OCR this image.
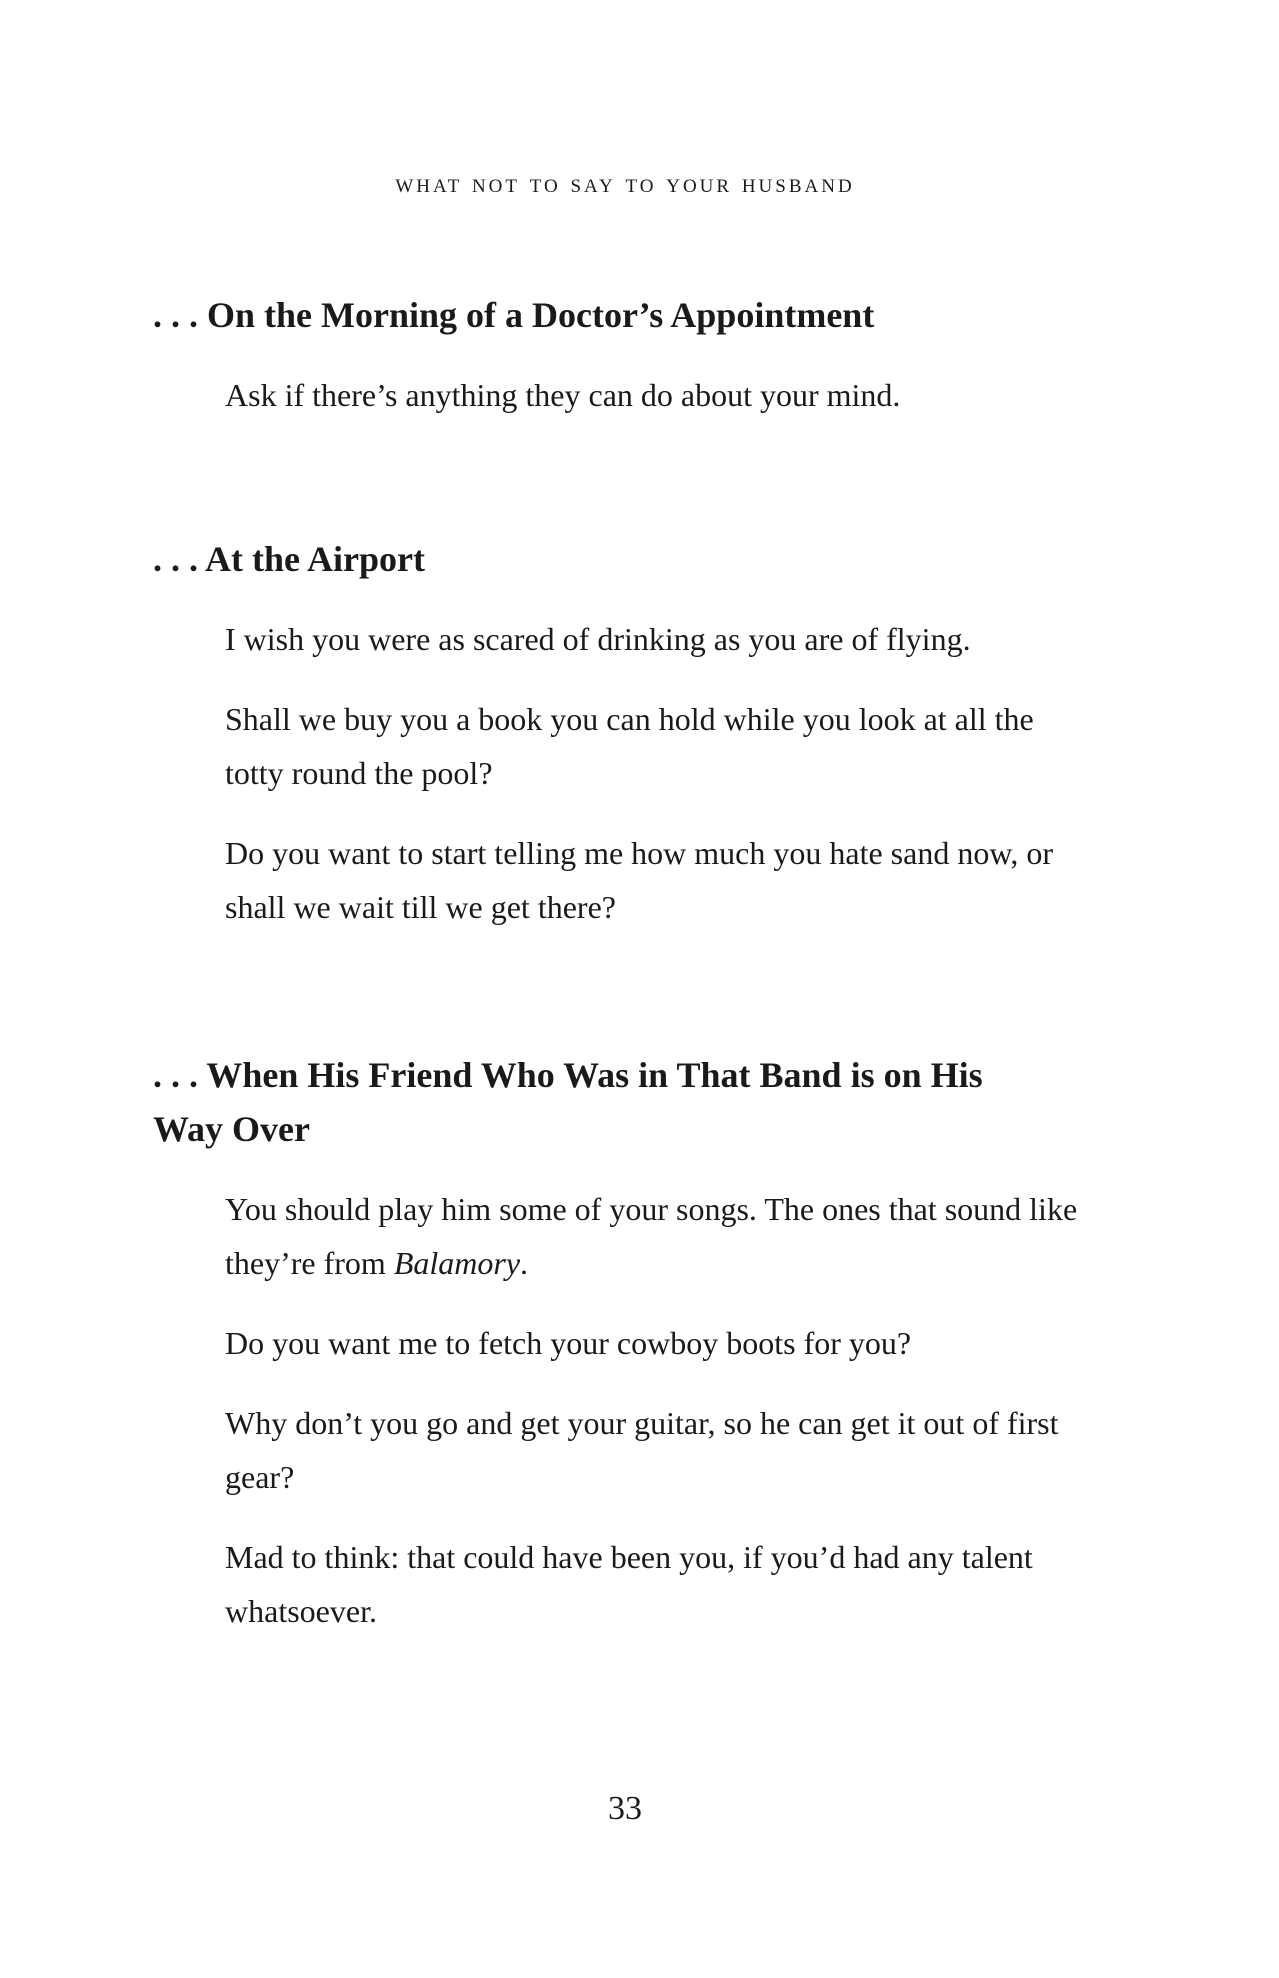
what not to say to your husband
. . . On the Morning of a Doctor’s Appointment

Ask if there’s anything they can do about your mind.

. . . At the Airport

I wish you were as scared of drinking as you are of flying.

Shall we buy you a book you can hold while you look at all the totty round the pool?

Do you want to start telling me how much you hate sand now, or shall we wait till we get there?

. . . When His Friend Who Was in That Band is on His Way Over

You should play him some of your songs. The ones that sound like they’re from Balamory.

Do you want me to fetch your cowboy boots for you?

Why don’t you go and get your guitar, so he can get it out of first gear?

Mad to think: that could have been you, if you’d had any talent whatsoever.

33
